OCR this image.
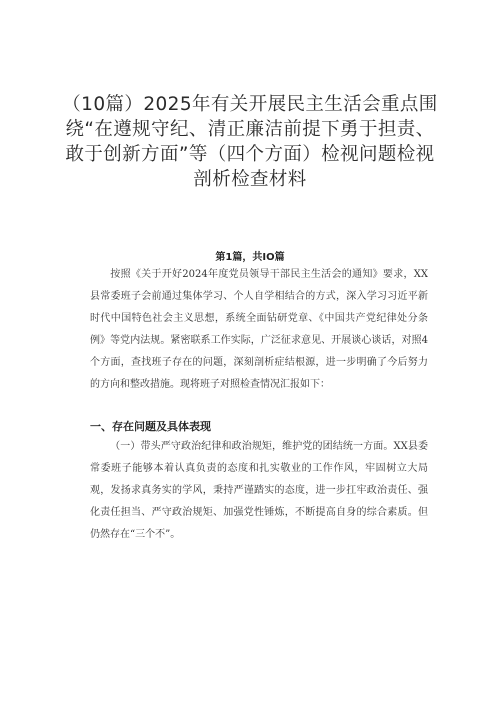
（10篇）2025年有关开展民主生活会重点围
绕“在遵规守纪、清正廉洁前提下勇于担责、
敢于创新方面”等（四个方面）检视问题检视
剖析检查材料
第1篇，共IO篇
按照《关于开好2024年度党员领导干部民主生活会的通知》要求，XX县常委班子会前通过集体学习、个人自学相结合的方式，深入学习习近平新时代中国特色社会主义思想，系统全面钻研党章、《中国共产党纪律处分条例》等党内法规。紧密联系工作实际，广泛征求意见、开展谈心谈话，对照4个方面，查找班子存在的问题，深刻剖析症结根源，进一步明确了今后努力的方向和整改措施。现将班子对照检查情况汇报如下：
一、存在问题及具体表现
（一）带头严守政治纪律和政治规矩，维护党的团结统一方面。XX县委常委班子能够本着认真负责的态度和扎实敬业的工作作风，牢固树立大局观，发扬求真务实的学风，秉持严谨踏实的态度，进一步扛牢政治责任、强化责任担当、严守政治规矩、加强党性锤炼，不断提高自身的综合素质。但仍然存在“三个不”。
